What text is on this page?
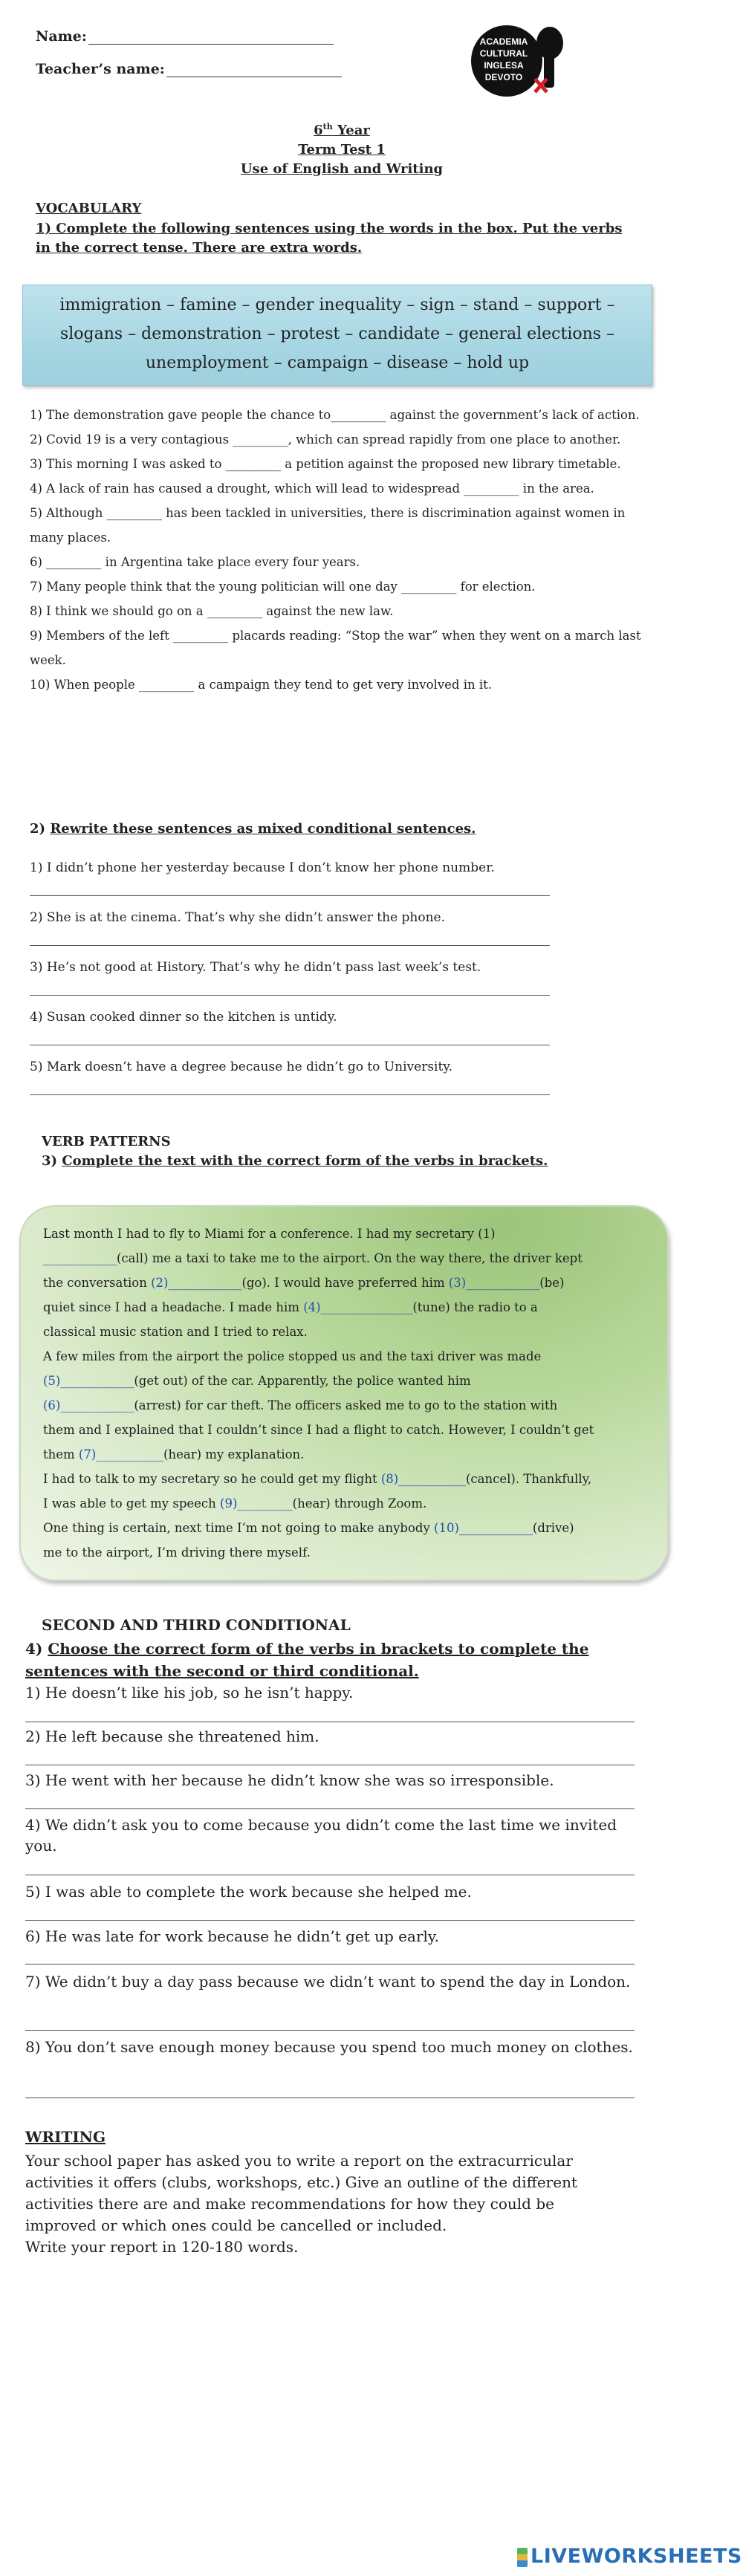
Name:
Teacher’s name:
ACADEMIA
CULTURAL
INGLESA
DEVOTO
6th Year
Term Test 1
Use of English and Writing
VOCABULARY
1) Complete the following sentences using the words in the box. Put the verbs in the correct tense. There are extra words.
immigration – famine – gender inequality – sign – stand – support –
slogans – demonstration – protest – candidate – general elections –
unemployment – campaign – disease – hold up

1) The demonstration gave people the chance to_________ against the government’s lack of action.

2) Covid 19 is a very contagious _________, which can spread rapidly from one place to another.

3) This morning I was asked to _________ a petition against the proposed new library timetable.

4) A lack of rain has caused a drought, which will lead to widespread _________ in the area.

5) Although _________ has been tackled in universities, there is discrimination against women in many places.

6) _________ in Argentina take place every four years.

7) Many people think that the young politician will one day _________ for election.

8) I think we should go on a _________ against the new law.

9) Members of the left _________ placards reading: “Stop the war” when they went on a march last week.

10) When people _________ a campaign they tend to get very involved in it.

2) Rewrite these sentences as mixed conditional sentences.
1) I didn’t phone her yesterday because I don’t know her phone number.
2) She is at the cinema. That’s why she didn’t answer the phone.
3) He’s not good at History. That’s why he didn’t pass last week’s test.
4) Susan cooked dinner so the kitchen is untidy.
5) Mark doesn’t have a degree because he didn’t go to University.
VERB PATTERNS
3) Complete the text with the correct form of the verbs in brackets.

Last month I had to fly to Miami for a conference. I had my secretary (1)

____________(call) me a taxi to take me to the airport. On the way there, the driver kept

the conversation (2)____________(go). I would have preferred him (3)____________(be)

quiet since I had a headache. I made him (4)_______________(tune) the radio to a

classical music station and I tried to relax.

A few miles from the airport the police stopped us and the taxi driver was made

(5)____________(get out) of the car. Apparently, the police wanted him

(6)____________(arrest) for car theft. The officers asked me to go to the station with

them and I explained that I couldn’t since I had a flight to catch. However, I couldn’t get

them (7)___________(hear) my explanation.

I had to talk to my secretary so he could get my flight (8)___________(cancel). Thankfully,

I was able to get my speech (9)_________(hear) through Zoom.

One thing is certain, next time I’m not going to make anybody (10)____________(drive)

me to the airport, I’m driving there myself.

SECOND AND THIRD CONDITIONAL
4) Choose the correct form of the verbs in brackets to complete the sentences with the second or third conditional.
1) He doesn’t like his job, so he isn’t happy.
2) He left because she threatened him.
3) He went with her because he didn’t know she was so irresponsible.
4) We didn’t ask you to come because you didn’t come the last time we invited you.
5) I was able to complete the work because she helped me.
6) He was late for work because he didn’t get up early.
7) We didn’t buy a day pass because we didn’t want to spend the day in London.
8) You don’t save enough money because you spend too much money on clothes.
WRITING
Your school paper has asked you to write a report on the extracurricular activities it offers (clubs, workshops, etc.) Give an outline of the different activities there are and make recommendations for how they could be improved or which ones could be cancelled or included.
Write your report in 120-180 words.
LIVEWORKSHEETS
